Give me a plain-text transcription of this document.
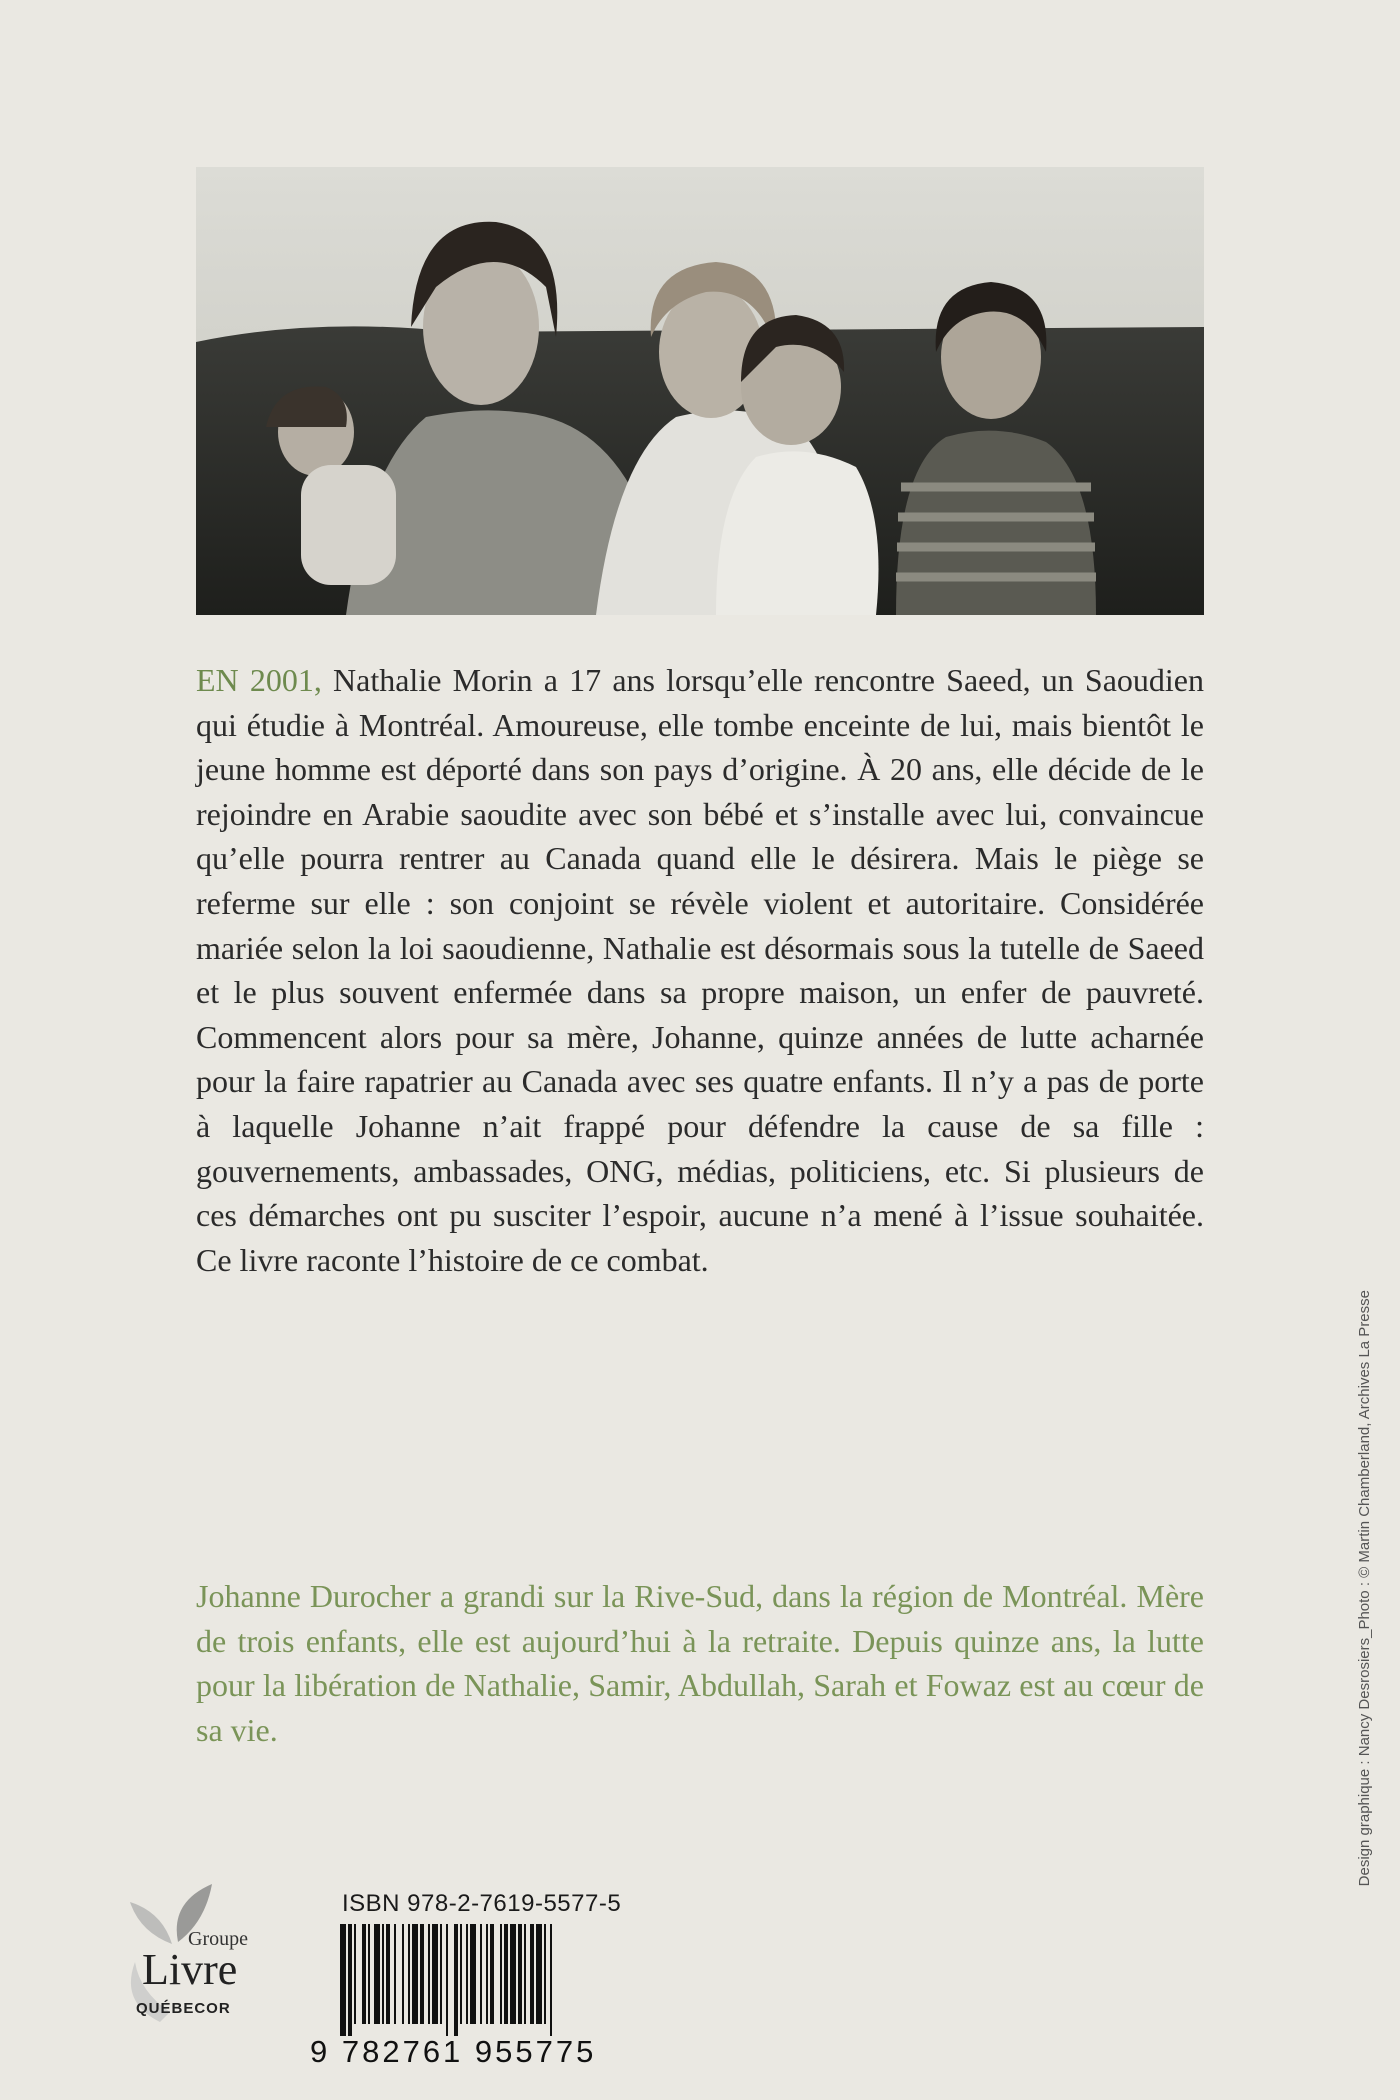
EN 2001, Nathalie Morin a 17 ans lorsqu’elle rencontre Saeed, un Saoudien qui étudie à Montréal. Amoureuse, elle tombe enceinte de lui, mais bientôt le jeune homme est déporté dans son pays d’origine. À 20 ans, elle décide de le rejoindre en Arabie saoudite avec son bébé et s’installe avec lui, convaincue qu’elle pourra rentrer au Canada quand elle le désirera. Mais le piège se referme sur elle : son conjoint se révèle violent et autoritaire. Considérée mariée selon la loi saoudienne, Nathalie est désormais sous la tutelle de Saeed et le plus souvent enfermée dans sa propre maison, un enfer de pauvreté. Commencent alors pour sa mère, Johanne, quinze années de lutte acharnée pour la faire rapatrier au Canada avec ses quatre enfants. Il n’y a pas de porte à laquelle Johanne n’ait frappé pour défendre la cause de sa fille : gouvernements, ambassades, ONG, médias, politiciens, etc. Si plusieurs de ces démarches ont pu susciter l’espoir, aucune n’a mené à l’issue souhaitée. Ce livre raconte l’histoire de ce combat.
Johanne Durocher a grandi sur la Rive-Sud, dans la région de Montréal. Mère de trois enfants, elle est aujourd’hui à la retraite. Depuis quinze ans, la lutte pour la libération de Nathalie, Samir, Abdullah, Sarah et Fowaz est au cœur de sa vie.	Design graphique : Nancy Desrosiers_Photo : © Martin Chamberland, Archives La Presse
Groupe
Livre
QUÉBECOR
ISBN 978-2-7619-5577-5
9 782761 955775
